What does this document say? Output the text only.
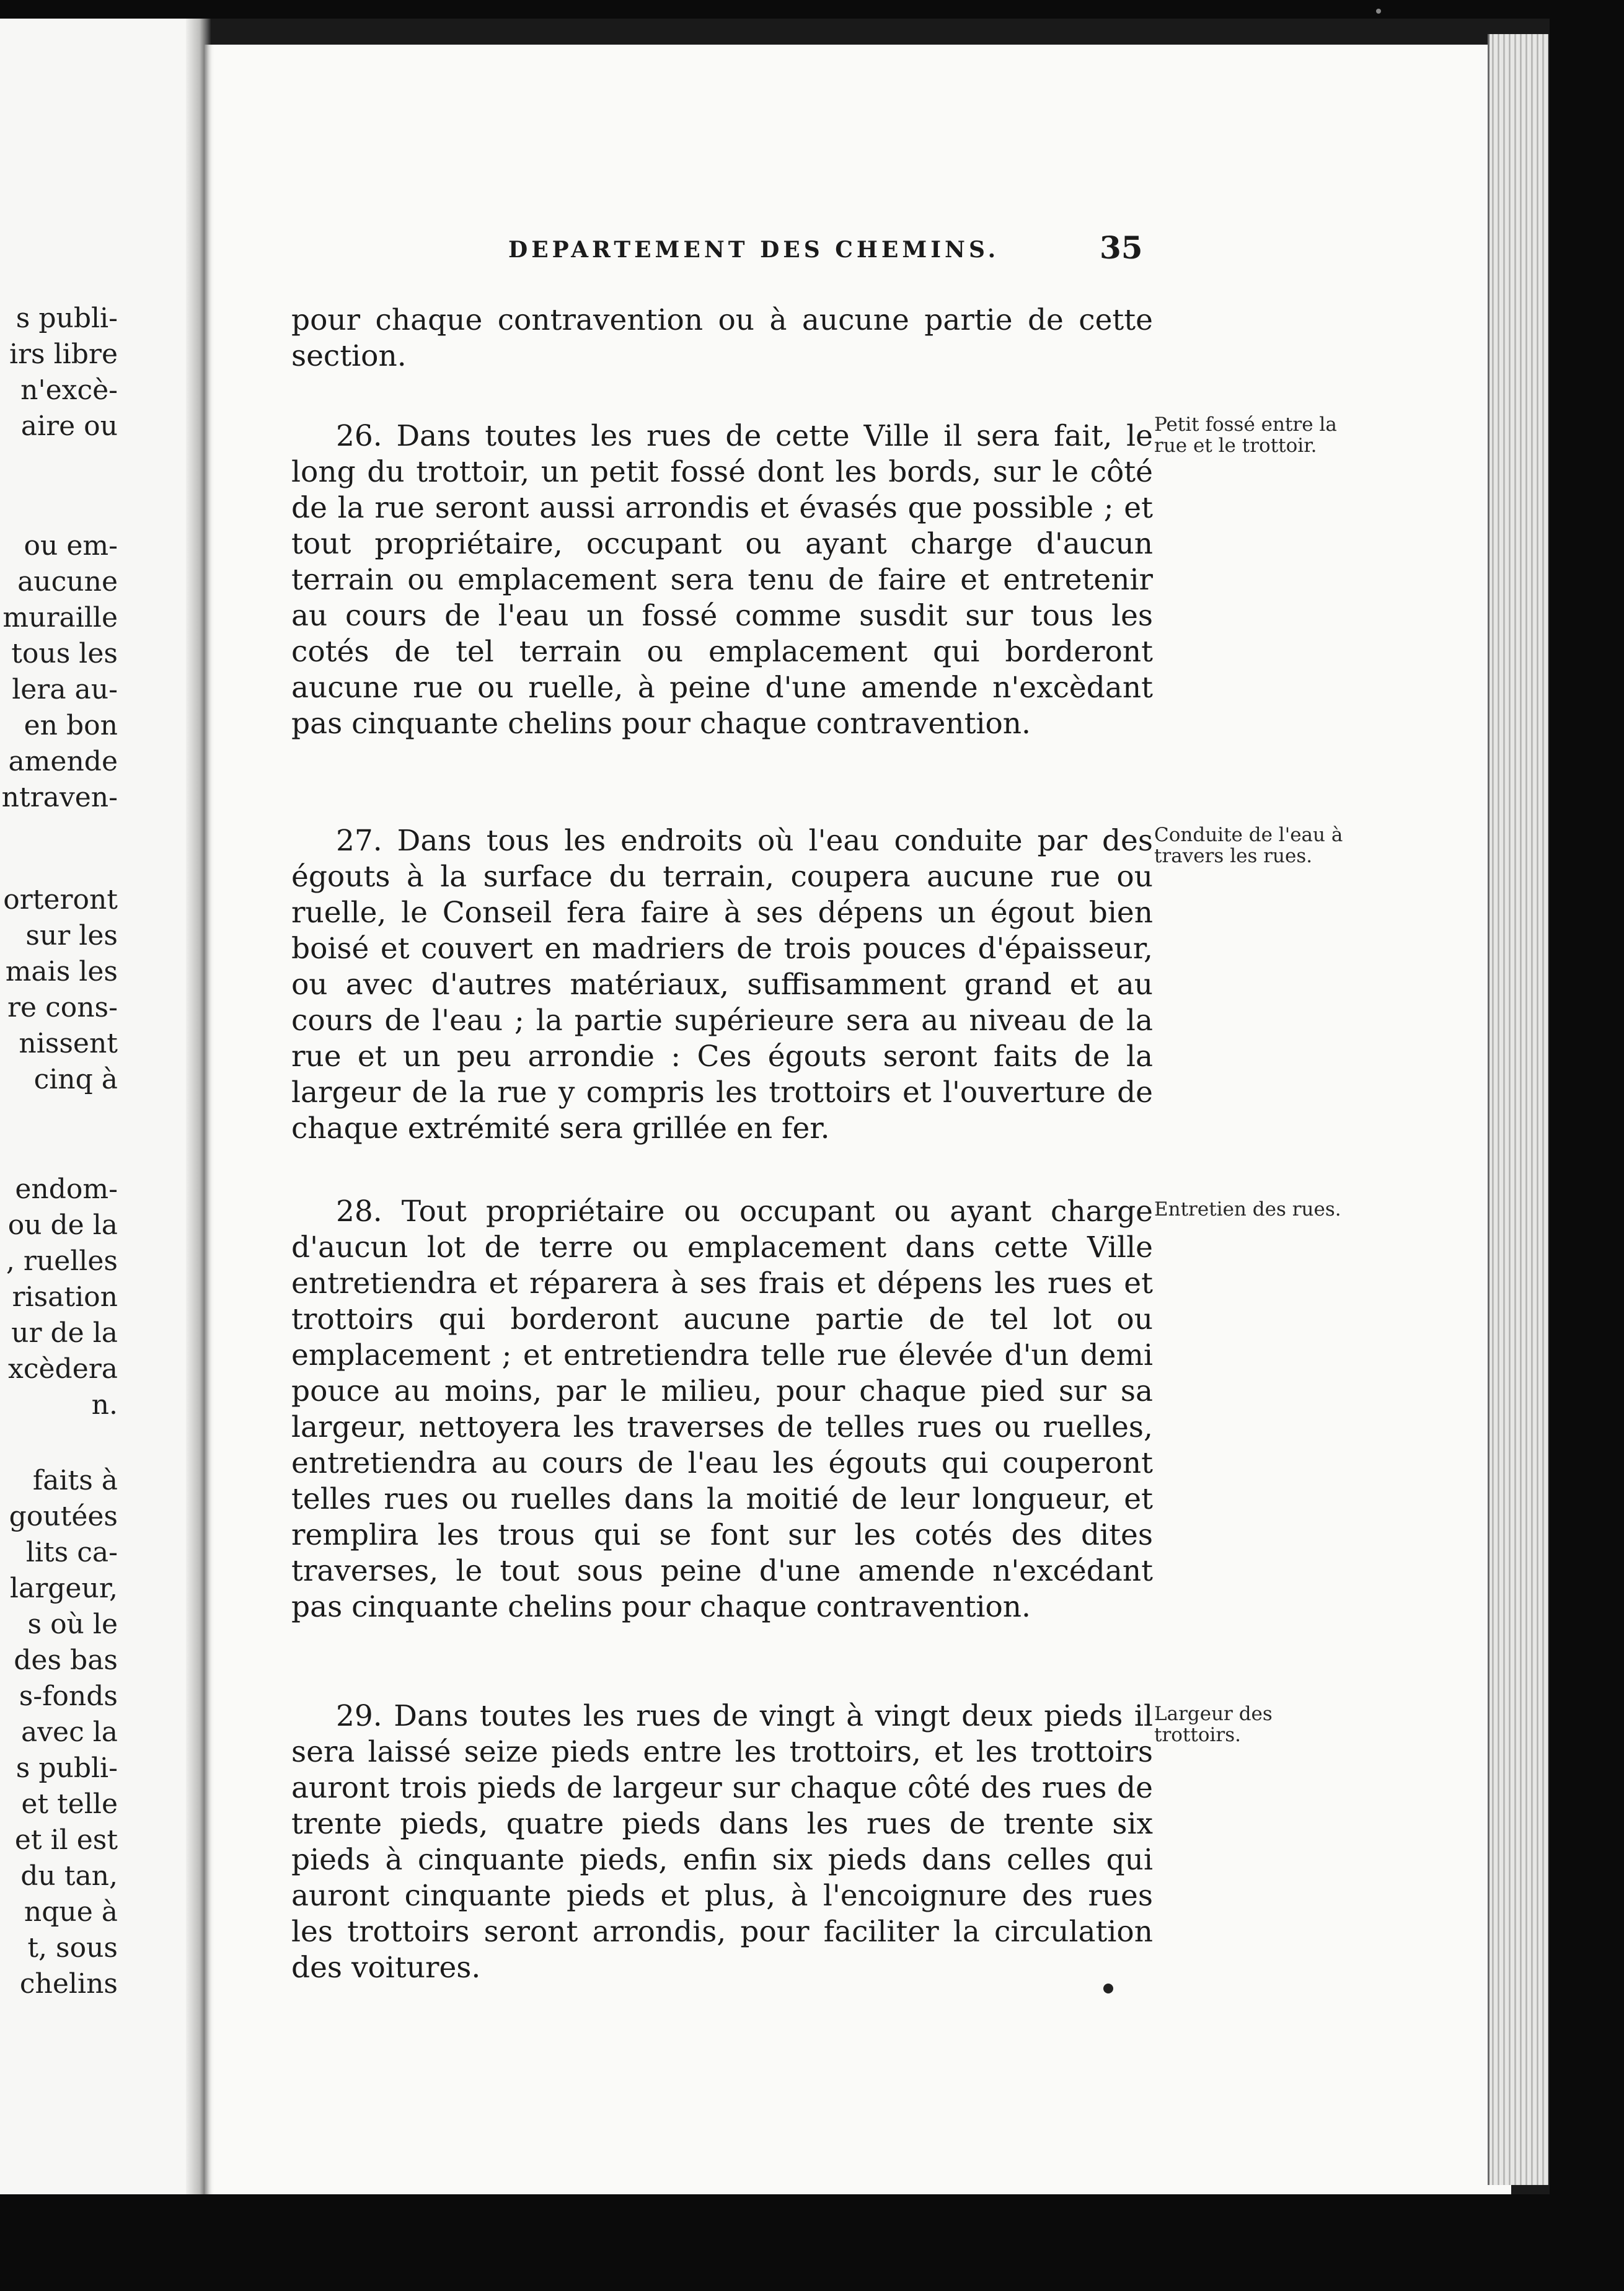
s publi-
irs libre
n'excè-
aire ou
ou em-
aucune
muraille
tous les
lera au-
en bon
amende
ntraven-
orteront
sur les
mais les
re cons-
nissent
cinq à
endom-
ou de la
, ruelles
risation
ur de la
xcèdera
n.
faits à
goutées
lits ca-
largeur,
s où le
des bas
s-fonds
avec la
s publi-
et telle
et il est
du tan,
nque à
t, sous
chelins
DEPARTEMENT DES CHEMINS.	35

pour chaque contravention ou à aucune partie de cette section.

26. Dans toutes les rues de cette Ville il sera fait, le long du trottoir, un petit fossé dont les bords, sur le côté de la rue seront aussi arrondis et évasés que possible ; et tout propriétaire, occupant ou ayant charge d'aucun terrain ou emplacement sera tenu de faire et entretenir au cours de l'eau un fossé comme susdit sur tous les cotés de tel terrain ou emplacement qui borderont aucune rue ou ruelle, à peine d'une amende n'excèdant pas cinquante chelins pour chaque contravention.

Petit fossé entre la rue et le trottoir.

27. Dans tous les endroits où l'eau conduite par des égouts à la surface du terrain, coupera aucune rue ou ruelle, le Conseil fera faire à ses dépens un égout bien boisé et couvert en madriers de trois pouces d'épaisseur, ou avec d'autres matériaux, suffisamment grand et au cours de l'eau ; la partie supérieure sera au niveau de la rue et un peu arrondie : Ces égouts seront faits de la largeur de la rue y compris les trottoirs et l'ouverture de chaque extrémité sera grillée en fer.

Conduite de l'eau à travers les rues.

28. Tout propriétaire ou occupant ou ayant charge d'aucun lot de terre ou emplacement dans cette Ville entretiendra et réparera à ses frais et dépens les rues et trottoirs qui borderont aucune partie de tel lot ou emplacement ; et entretiendra telle rue élevée d'un demi pouce au moins, par le milieu, pour chaque pied sur sa largeur, nettoyera les traverses de telles rues ou ruelles, entretiendra au cours de l'eau les égouts qui couperont telles rues ou ruelles dans la moitié de leur longueur, et remplira les trous qui se font sur les cotés des dites traverses, le tout sous peine d'une amende n'excédant pas cinquante chelins pour chaque contravention.

Entretien des rues.

29. Dans toutes les rues de vingt à vingt deux pieds il sera laissé seize pieds entre les trottoirs, et les trottoirs auront trois pieds de largeur sur chaque côté des rues de trente pieds, quatre pieds dans les rues de trente six pieds à cinquante pieds, enfin six pieds dans celles qui auront cinquante pieds et plus, à l'encoignure des rues les trottoirs seront arrondis, pour faciliter la circulation des voitures.

Largeur des trottoirs.
